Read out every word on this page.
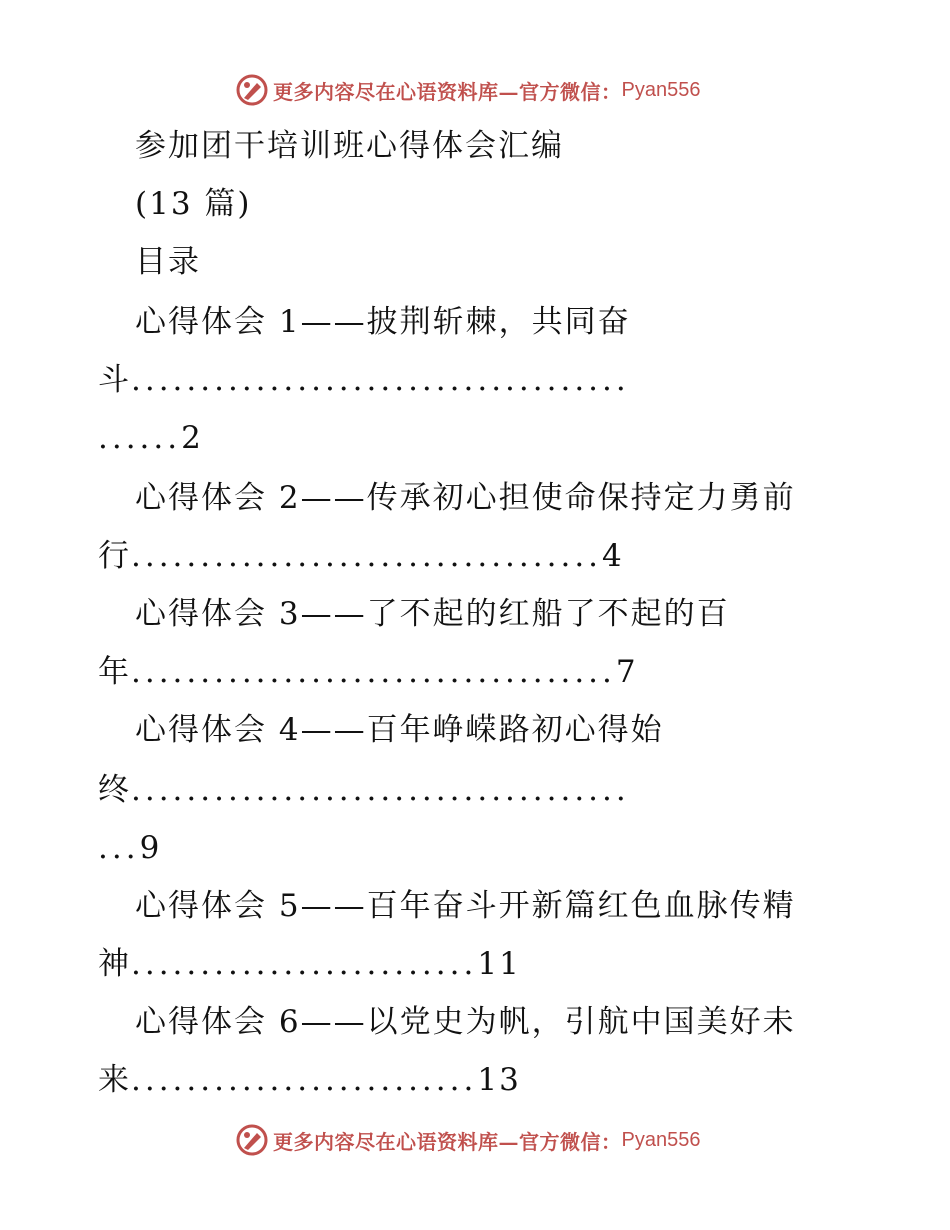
更多内容尽在心语资料库—官方微信： Pyan556
参加团干培训班心得体会汇编
(13 篇)
目录
心得体会 1——披荆斩棘，共同奋
斗....................................
......2
心得体会 2——传承初心担使命保持定力勇前
行..................................4
心得体会 3——了不起的红船了不起的百
年...................................7
心得体会 4——百年峥嵘路初心得始
终....................................
...9
心得体会 5——百年奋斗开新篇红色血脉传精
神.........................11
心得体会 6——以党史为帆，引航中国美好未
来.........................13
更多内容尽在心语资料库—官方微信： Pyan556
